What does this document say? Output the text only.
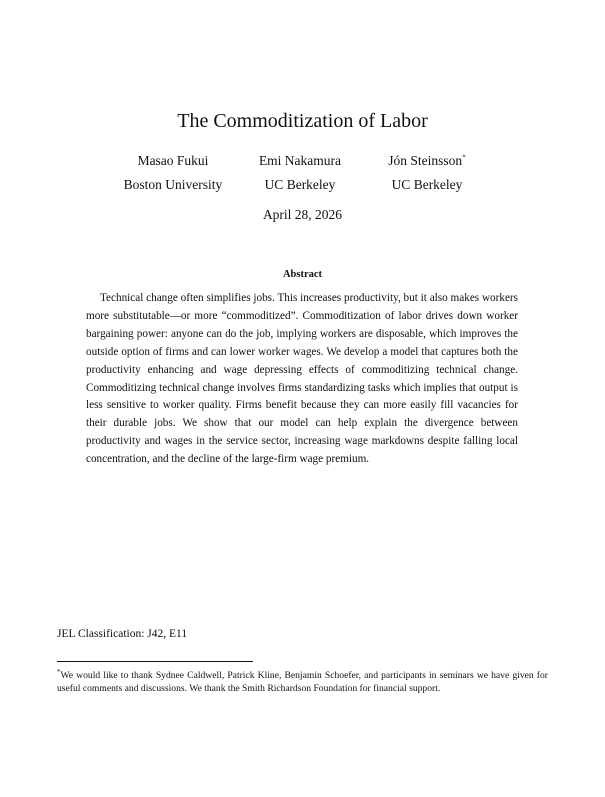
The Commoditization of Labor
Masao Fukui
Boston University
Emi Nakamura
UC Berkeley
Jón Steinsson*
UC Berkeley
April 28, 2026
Abstract

Technical change often simplifies jobs. This increases productivity, but it also makes workers more substitutable—or more “commoditized”. Commoditization of labor drives down worker bargaining power: anyone can do the job, implying workers are disposable, which improves the outside option of firms and can lower worker wages. We develop a model that captures both the productivity enhancing and wage depressing effects of commoditizing technical change. Commoditizing technical change involves firms standardizing tasks which implies that output is less sensitive to worker quality. Firms benefit because they can more easily fill vacancies for their durable jobs. We show that our model can help explain the divergence between productivity and wages in the service sector, increasing wage markdowns despite falling local concentration, and the decline of the large-firm wage premium.

JEL Classification: J42, E11

*We would like to thank Sydnee Caldwell, Patrick Kline, Benjamin Schoefer, and participants in seminars we have given for useful comments and discussions. We thank the Smith Richardson Foundation for financial support.
